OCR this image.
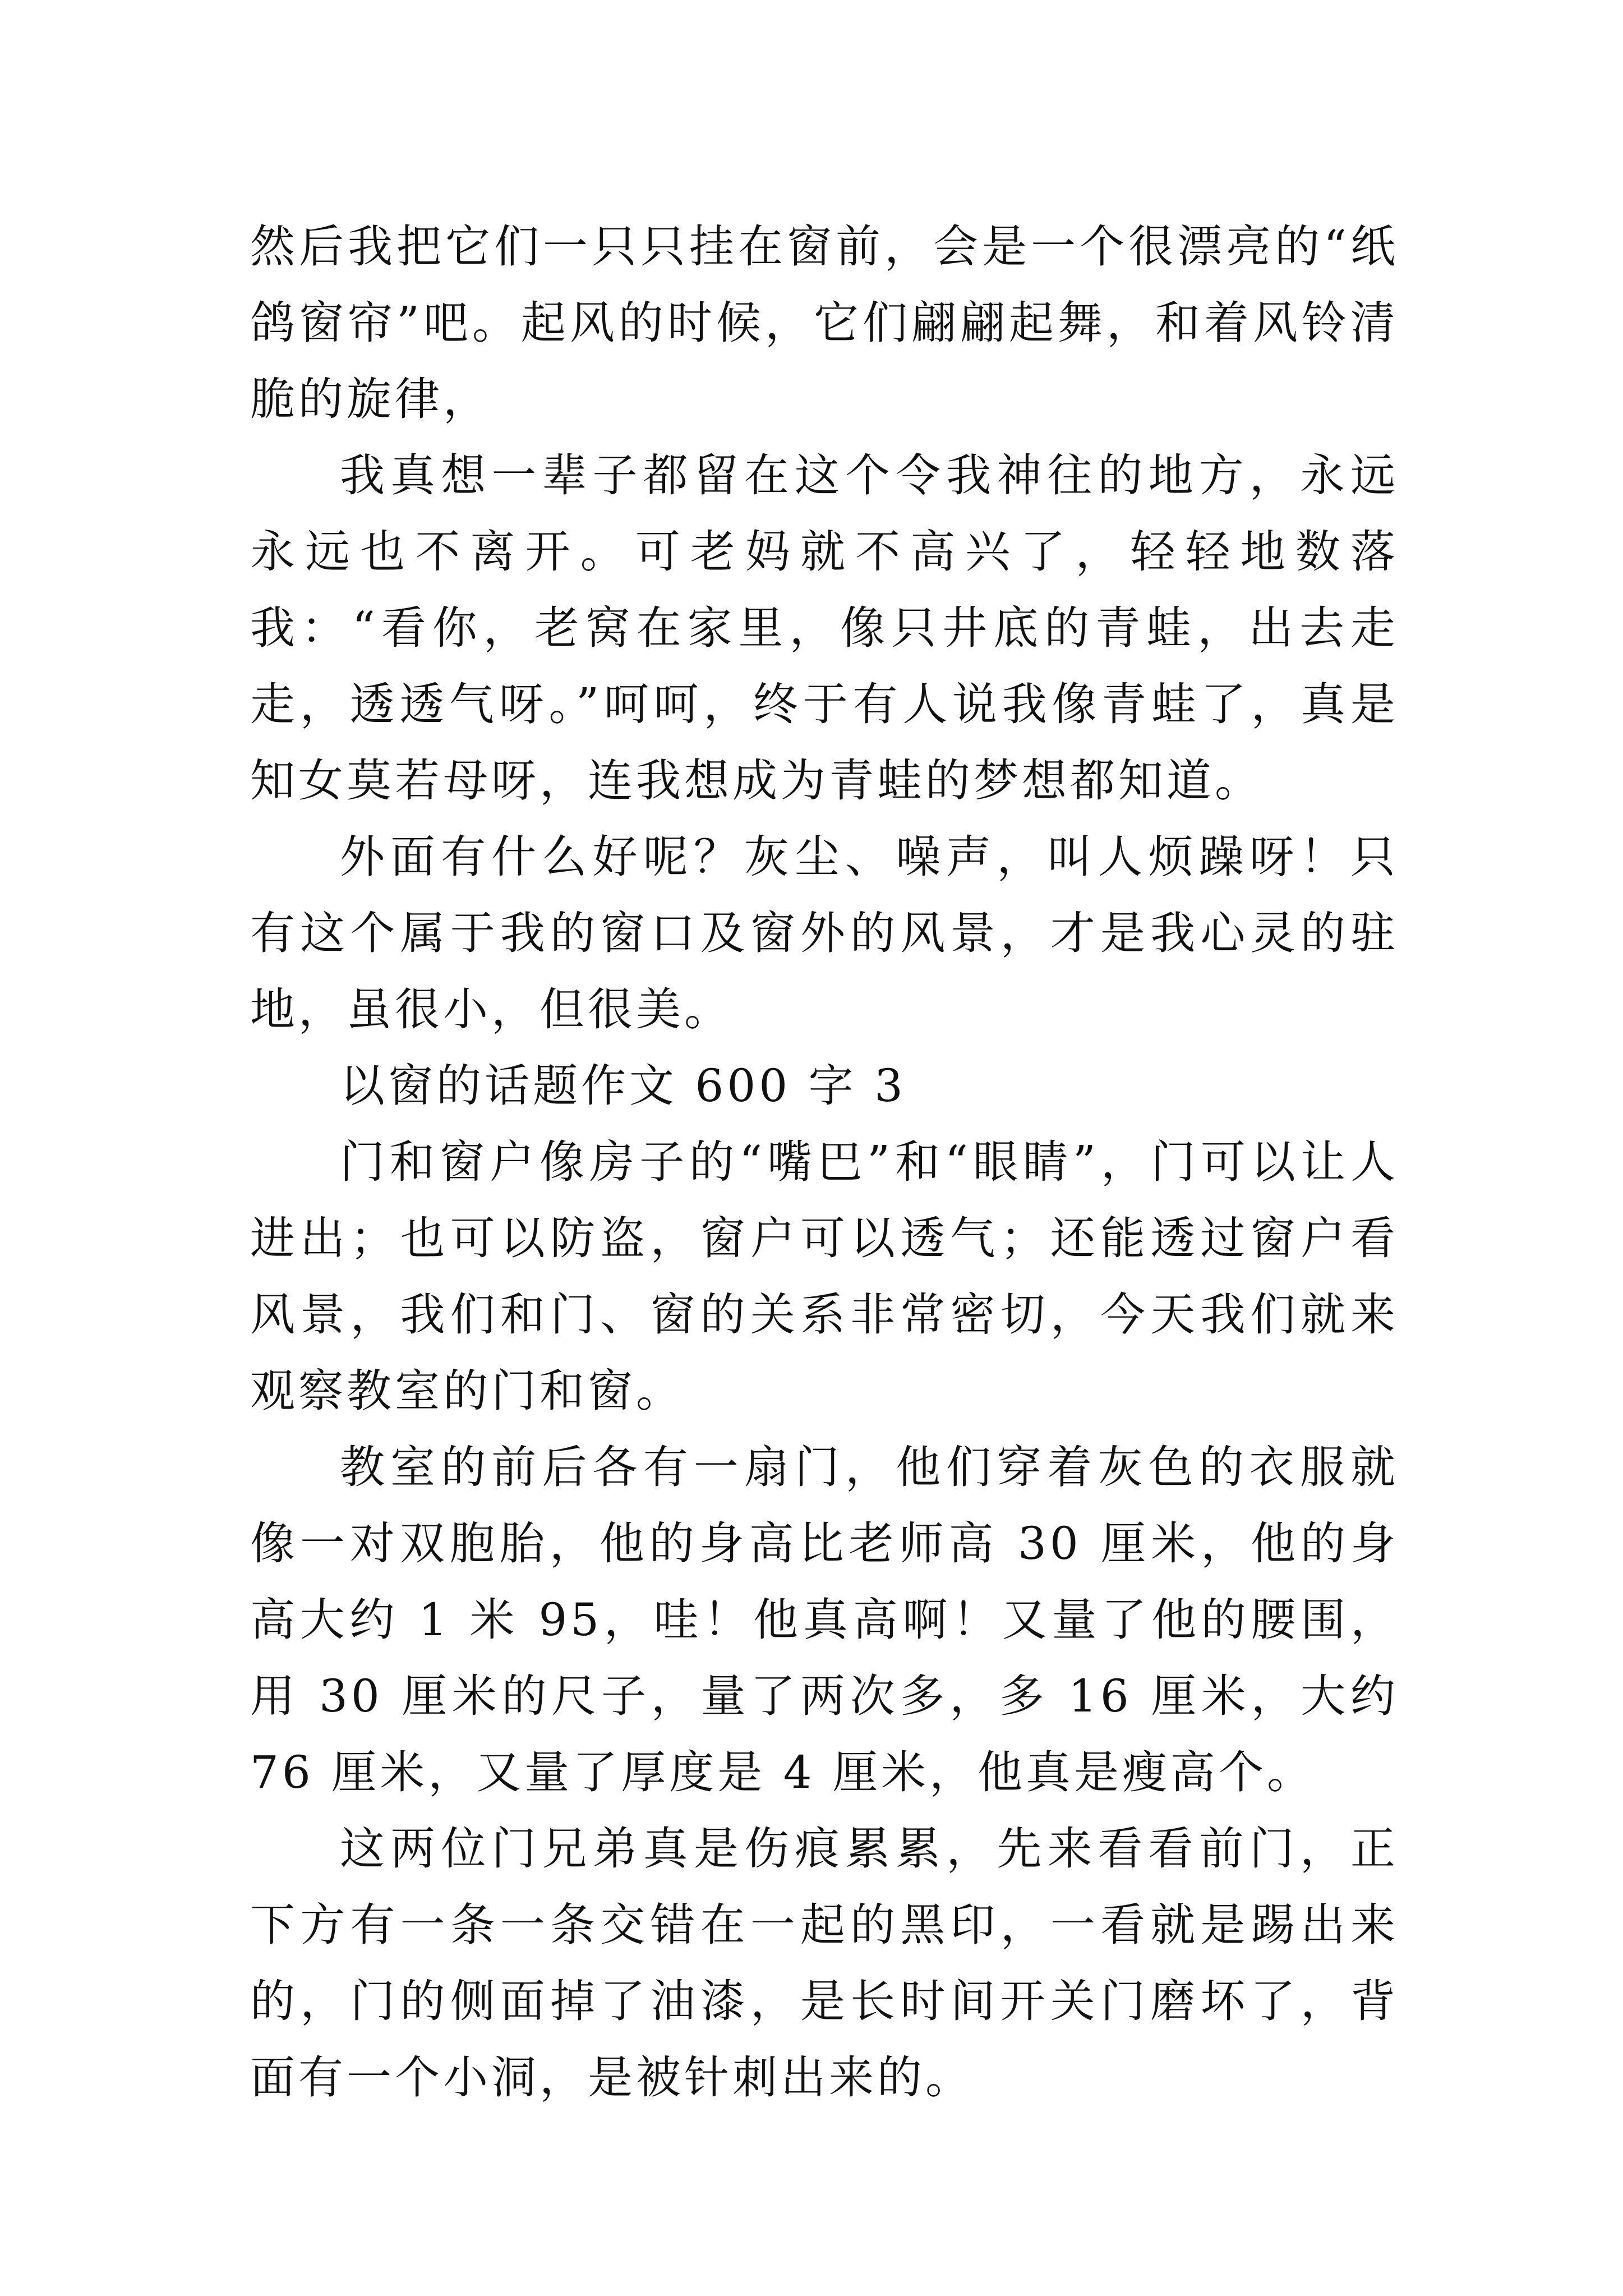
然后我把它们一只只挂在窗前，会是一个很漂亮的“纸鸽窗帘”吧。起风的时候，它们翩翩起舞，和着风铃清脆的旋律，

我真想一辈子都留在这个令我神往的地方，永远永远也不离开。可老妈就不高兴了，轻轻地数落我：“看你，老窝在家里，像只井底的青蛙，出去走走，透透气呀。”呵呵，终于有人说我像青蛙了，真是知女莫若母呀，连我想成为青蛙的梦想都知道。

外面有什么好呢？灰尘、噪声，叫人烦躁呀！只有这个属于我的窗口及窗外的风景，才是我心灵的驻地，虽很小，但很美。

以窗的话题作文 600 字 3

门和窗户像房子的“嘴巴”和“眼睛”，门可以让人进出；也可以防盗，窗户可以透气；还能透过窗户看风景，我们和门、窗的关系非常密切，今天我们就来观察教室的门和窗。

教室的前后各有一扇门，他们穿着灰色的衣服就像一对双胞胎，他的身高比老师高 30 厘米，他的身高大约 1 米 95，哇！他真高啊！又量了他的腰围，用 30 厘米的尺子，量了两次多，多 16 厘米，大约 76 厘米，又量了厚度是 4 厘米，他真是瘦高个。

这两位门兄弟真是伤痕累累，先来看看前门，正下方有一条一条交错在一起的黑印，一看就是踢出来的，门的侧面掉了油漆，是长时间开关门磨坏了，背面有一个小洞，是被针刺出来的。
